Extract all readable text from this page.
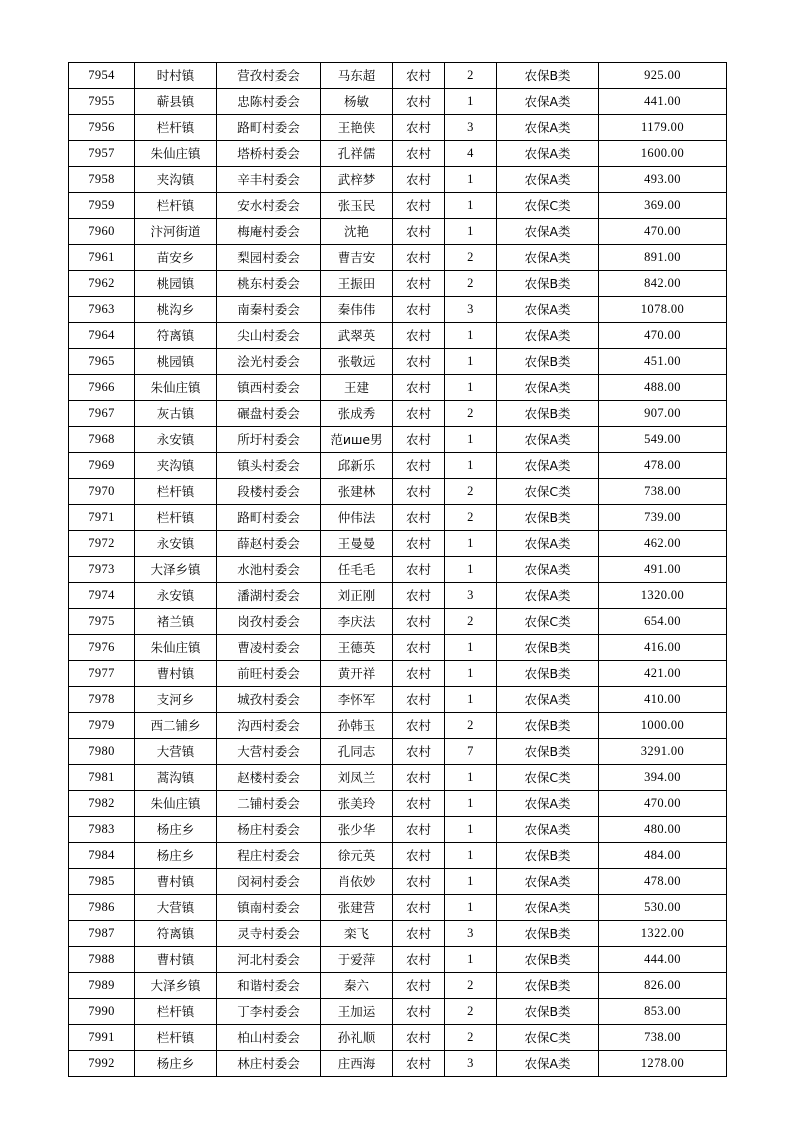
7954	时村镇	营孜村委会	马东超	农村	2	农保B类	925.00
7955	蕲县镇	忠陈村委会	杨敏	农村	1	农保A类	441.00
7956	栏杆镇	路町村委会	王艳侠	农村	3	农保A类	1179.00
7957	朱仙庄镇	塔桥村委会	孔祥儒	农村	4	农保A类	1600.00
7958	夹沟镇	辛丰村委会	武梓梦	农村	1	农保A类	493.00
7959	栏杆镇	安水村委会	张玉民	农村	1	农保C类	369.00
7960	汴河街道	梅庵村委会	沈艳	农村	1	农保A类	470.00
7961	苗安乡	梨园村委会	曹吉安	农村	2	农保A类	891.00
7962	桃园镇	桃东村委会	王振田	农村	2	农保B类	842.00
7963	桃沟乡	南秦村委会	秦伟伟	农村	3	农保A类	1078.00
7964	符离镇	尖山村委会	武翠英	农村	1	农保A类	470.00
7965	桃园镇	浍光村委会	张敬远	农村	1	农保B类	451.00
7966	朱仙庄镇	镇西村委会	王建	农村	1	农保A类	488.00
7967	灰古镇	碾盘村委会	张成秀	农村	2	农保B类	907.00
7968	永安镇	所圩村委会	范ише男	农村	1	农保A类	549.00
7969	夹沟镇	镇头村委会	邱新乐	农村	1	农保A类	478.00
7970	栏杆镇	段楼村委会	张建林	农村	2	农保C类	738.00
7971	栏杆镇	路町村委会	仲伟法	农村	2	农保B类	739.00
7972	永安镇	薛赵村委会	王曼曼	农村	1	农保A类	462.00
7973	大泽乡镇	水池村委会	任毛毛	农村	1	农保A类	491.00
7974	永安镇	潘湖村委会	刘正刚	农村	3	农保A类	1320.00
7975	褚兰镇	岗孜村委会	李庆法	农村	2	农保C类	654.00
7976	朱仙庄镇	曹凌村委会	王德英	农村	1	农保B类	416.00
7977	曹村镇	前旺村委会	黄开祥	农村	1	农保B类	421.00
7978	支河乡	城孜村委会	李怀军	农村	1	农保A类	410.00
7979	西二铺乡	沟西村委会	孙韩玉	农村	2	农保B类	1000.00
7980	大营镇	大营村委会	孔同志	农村	7	农保B类	3291.00
7981	蒿沟镇	赵楼村委会	刘凤兰	农村	1	农保C类	394.00
7982	朱仙庄镇	二铺村委会	张美玲	农村	1	农保A类	470.00
7983	杨庄乡	杨庄村委会	张少华	农村	1	农保A类	480.00
7984	杨庄乡	程庄村委会	徐元英	农村	1	农保B类	484.00
7985	曹村镇	闵祠村委会	肖依妙	农村	1	农保A类	478.00
7986	大营镇	镇南村委会	张建营	农村	1	农保A类	530.00
7987	符离镇	灵寺村委会	栾飞	农村	3	农保B类	1322.00
7988	曹村镇	河北村委会	于爱萍	农村	1	农保B类	444.00
7989	大泽乡镇	和谐村委会	秦六	农村	2	农保B类	826.00
7990	栏杆镇	丁李村委会	王加运	农村	2	农保B类	853.00
7991	栏杆镇	柏山村委会	孙礼顺	农村	2	农保C类	738.00
7992	杨庄乡	林庄村委会	庄西海	农村	3	农保A类	1278.00
